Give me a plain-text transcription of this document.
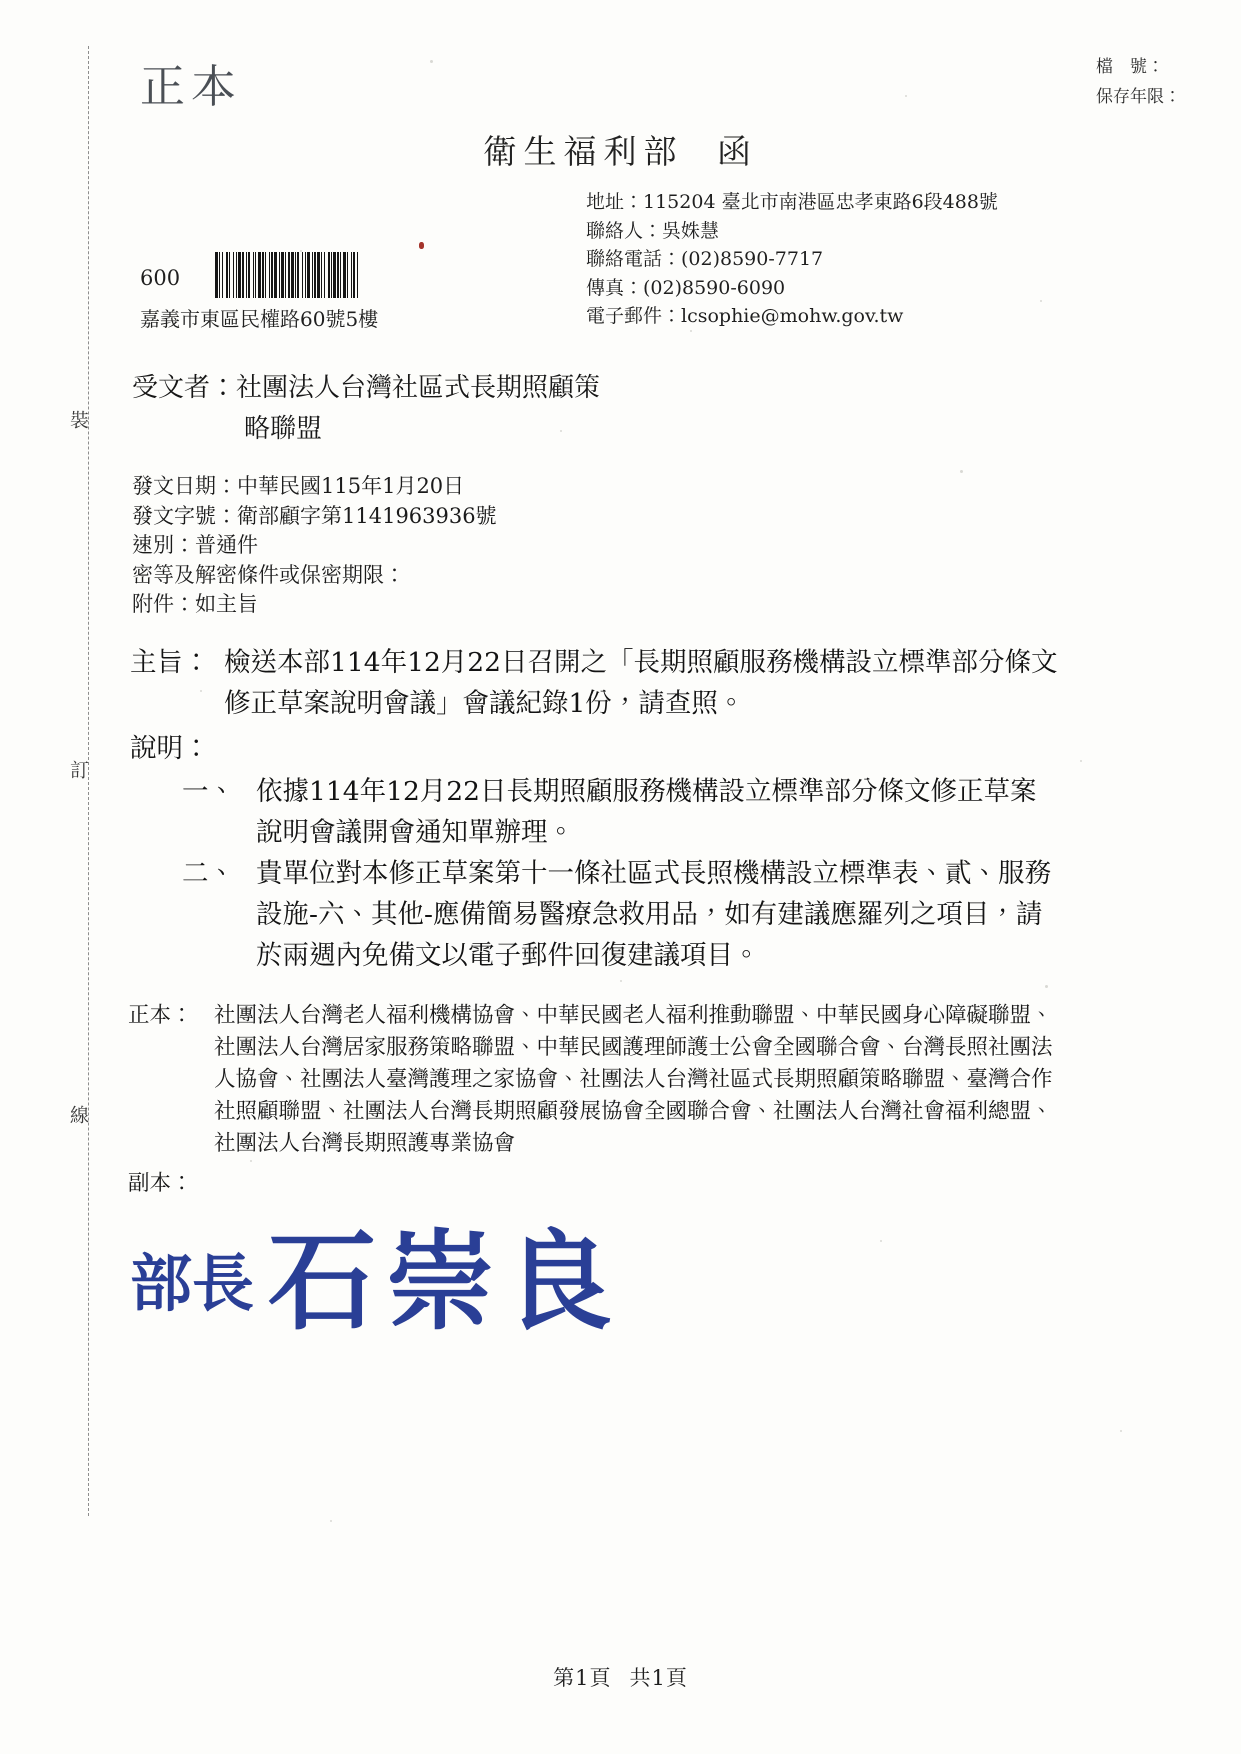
裝
訂
線
檔　號：
保存年限：
正本
衛生福利部 函
地址：115204 臺北市南港區忠孝東路6段488號
聯絡人：吳姝慧
聯絡電話：(02)8590-7717
傳真：(02)8590-6090
電子郵件：lcsophie@mohw.gov.tw
600
嘉義市東區民權路60號5樓
受文者：社團法人台灣社區式長期照顧策
略聯盟
發文日期：中華民國115年1月20日
發文字號：衛部顧字第1141963936號
速別：普通件
密等及解密條件或保密期限：
附件：如主旨
主旨： 檢送本部114年12月22日召開之「長期照顧服務機構設立標準部分條文修正草案說明會議」會議紀錄1份，請查照。
說明：
一、 依據114年12月22日長期照顧服務機構設立標準部分條文修正草案說明會議開會通知單辦理。
二、 貴單位對本修正草案第十一條社區式長照機構設立標準表、貳、服務設施-六、其他-應備簡易醫療急救用品，如有建議應羅列之項目，請於兩週內免備文以電子郵件回復建議項目。
正本： 社團法人台灣老人福利機構協會、中華民國老人福利推動聯盟、中華民國身心障礙聯盟、社團法人台灣居家服務策略聯盟、中華民國護理師護士公會全國聯合會、台灣長照社團法人協會、社團法人臺灣護理之家協會、社團法人台灣社區式長期照顧策略聯盟、臺灣合作社照顧聯盟、社團法人台灣長期照顧發展協會全國聯合會、社團法人台灣社會福利總盟、社團法人台灣長期照護專業協會
副本：
部長 石崇良
第1頁 共1頁
